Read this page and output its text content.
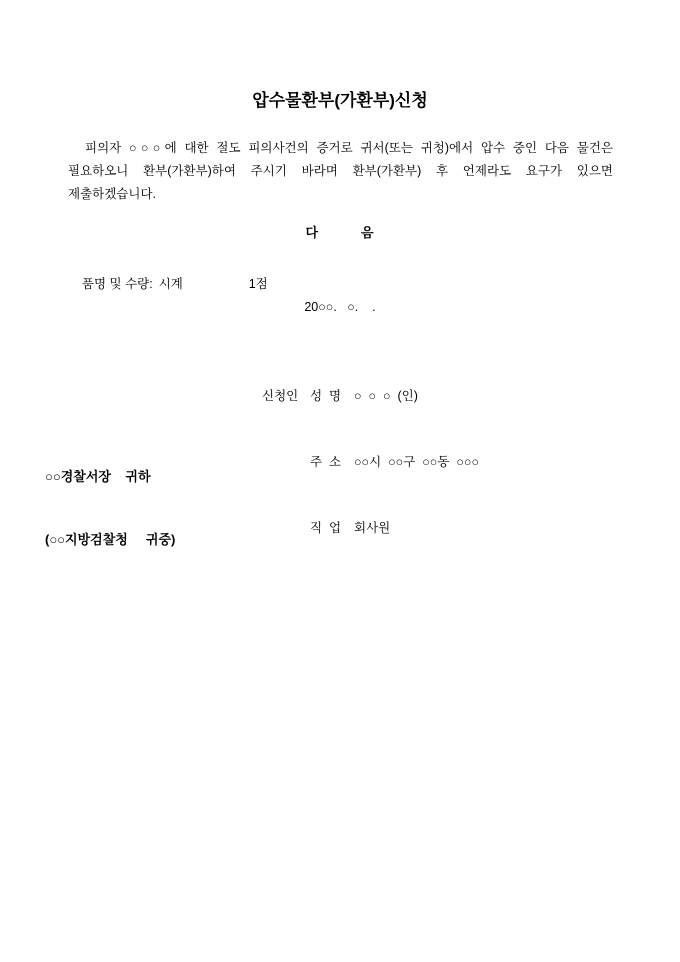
압수물환부(가환부)신청
피의자 ○○○에 대한 절도 피의사건의 증거로 귀서(또는 귀청)에서 압수 중인 다음 물건은 필요하오니 환부(가환부)하여 주시기 바라며 환부(가환부) 후 언제라도 요구가 있으면 제출하겠습니다.
다	음

품명 및 수량: 시계	1점

20○○.   ○.    .

신청인 성  명 ○  ○  ○  (인)

주  소 ○○시  ○○구  ○○동  ○○○

직  업 회사원

○○경찰서장    귀하

(○○지방검찰청     귀중)
